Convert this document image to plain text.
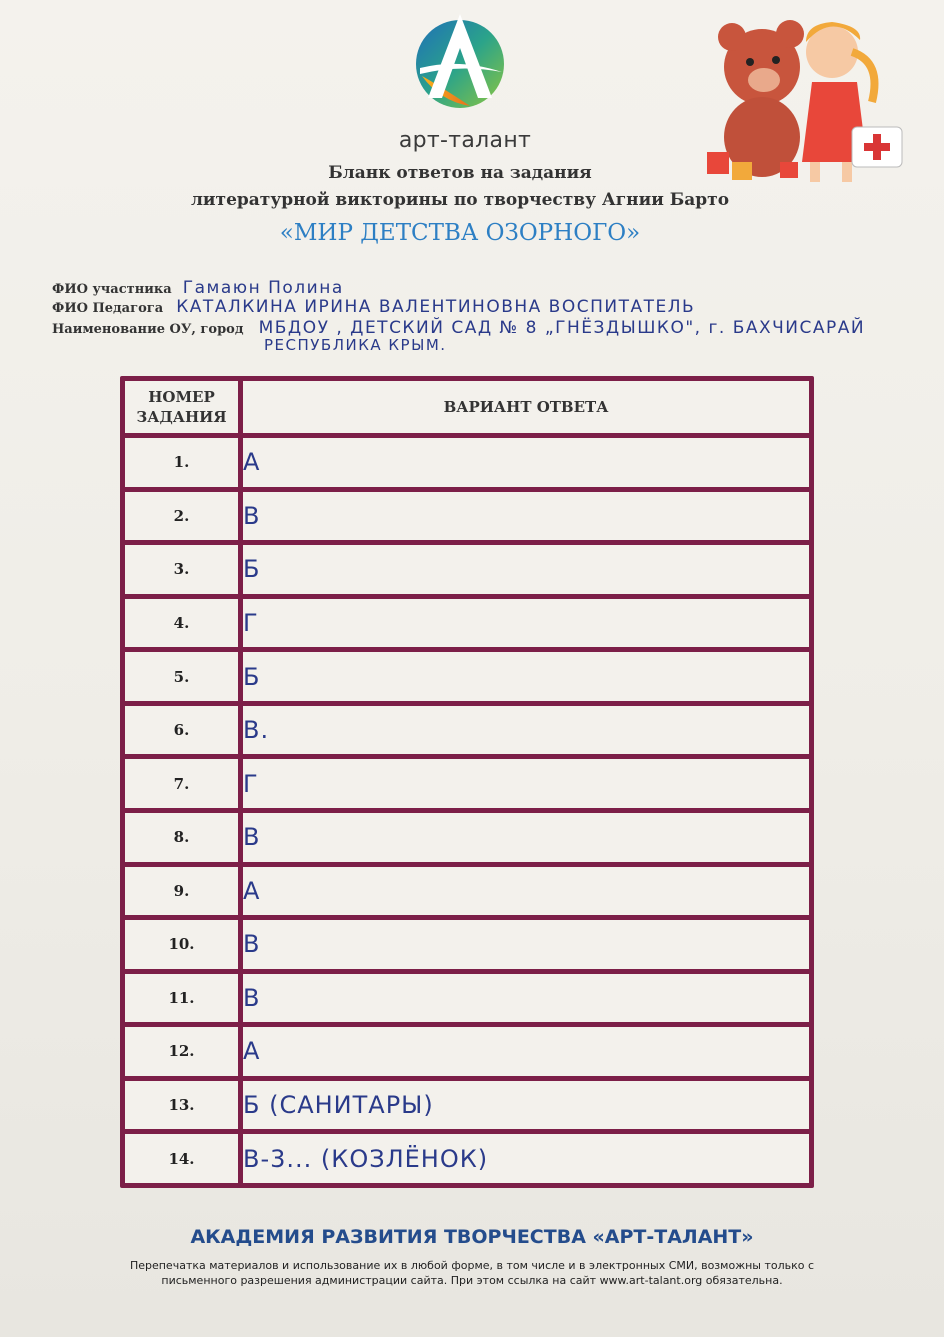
арт-талант
Бланк ответов на задания
литературной викторины по творчеству Агнии Барто
«МИР ДЕТСТВА ОЗОРНОГО»
ФИО участника Гамаюн Полина
ФИО Педагога КАТАЛКИНА ИРИНА ВАЛЕНТИНОВНА ВОСПИТАТЕЛЬ
Наименование ОУ, город МБДОУ , ДЕТСКИЙ САД № 8 „ГНЁЗДЫШКО", г. БАХЧИСАРАЙ
РЕСПУБЛИКА КРЫМ.
НОМЕР ЗАДАНИЯ	ВАРИАНТ ОТВЕТА
1.	А
2.	В
3.	Б
4.	Г
5.	Б
6.	В.
7.	Г
8.	В
9.	А
10.	В
11.	В
12.	А
13.	Б (САНИТАРЫ)
14.	В-3... (КОЗЛЁНОК)
АКАДЕМИЯ РАЗВИТИЯ ТВОРЧЕСТВА «АРТ-ТАЛАНТ»
Перепечатка материалов и использование их в любой форме, в том числе и в электронных СМИ, возможны только с
письменного разрешения администрации сайта. При этом ссылка на сайт www.art-talant.org обязательна.
